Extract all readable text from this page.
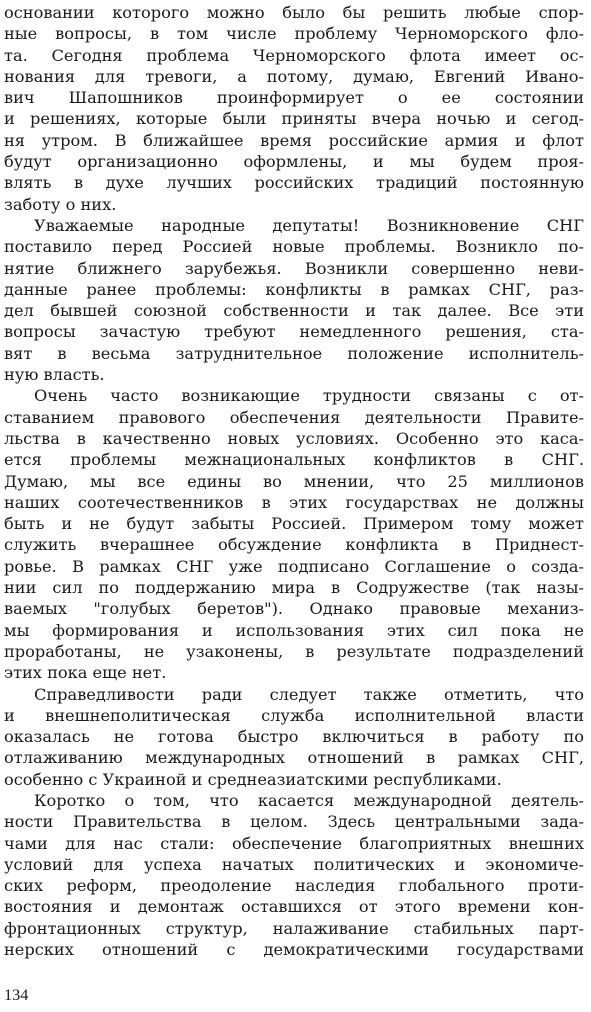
основании которого можно было бы решить любые спор-
ные вопросы, в том числе проблему Черноморского фло-
та. Сегодня проблема Черноморского флота имеет ос-
нования для тревоги, а потому, думаю, Евгений Ивано-
вич Шапошников проинформирует о ее состоянии
и решениях, которые были приняты вчера ночью и сегод-
ня утром. В ближайшее время российские армия и флот
будут организационно оформлены, и мы будем проя-
влять в духе лучших российских традиций постоянную
заботу о них.
Уважаемые народные депутаты! Возникновение СНГ
поставило перед Россией новые проблемы. Возникло по-
нятие ближнего зарубежья. Возникли совершенно неви-
данные ранее проблемы: конфликты в рамках СНГ, раз-
дел бывшей союзной собственности и так далее. Все эти
вопросы зачастую требуют немедленного решения, ста-
вят в весьма затруднительное положение исполнитель-
ную власть.
Очень часто возникающие трудности связаны с от-
ставанием правового обеспечения деятельности Правите-
льства в качественно новых условиях. Особенно это каса-
ется проблемы межнациональных конфликтов в СНГ.
Думаю, мы все едины во мнении, что 25 миллионов
наших соотечественников в этих государствах не должны
быть и не будут забыты Россией. Примером тому может
служить вчерашнее обсуждение конфликта в Приднест-
ровье. В рамках СНГ уже подписано Соглашение о созда-
нии сил по поддержанию мира в Содружестве (так назы-
ваемых "голубых беретов"). Однако правовые механиз-
мы формирования и использования этих сил пока не
проработаны, не узаконены, в результате подразделений
этих пока еще нет.
Справедливости ради следует также отметить, что
и внешнеполитическая служба исполнительной власти
оказалась не готова быстро включиться в работу по
отлаживанию международных отношений в рамках СНГ,
особенно с Украиной и среднеазиатскими республиками.
Коротко о том, что касается международной деятель-
ности Правительства в целом. Здесь центральными зада-
чами для нас стали: обеспечение благоприятных внешних
условий для успеха начатых политических и экономиче-
ских реформ, преодоление наследия глобального проти-
востояния и демонтаж оставшихся от этого времени кон-
фронтационных структур, налаживание стабильных парт-
нерских отношений с демократическими государствами
134
